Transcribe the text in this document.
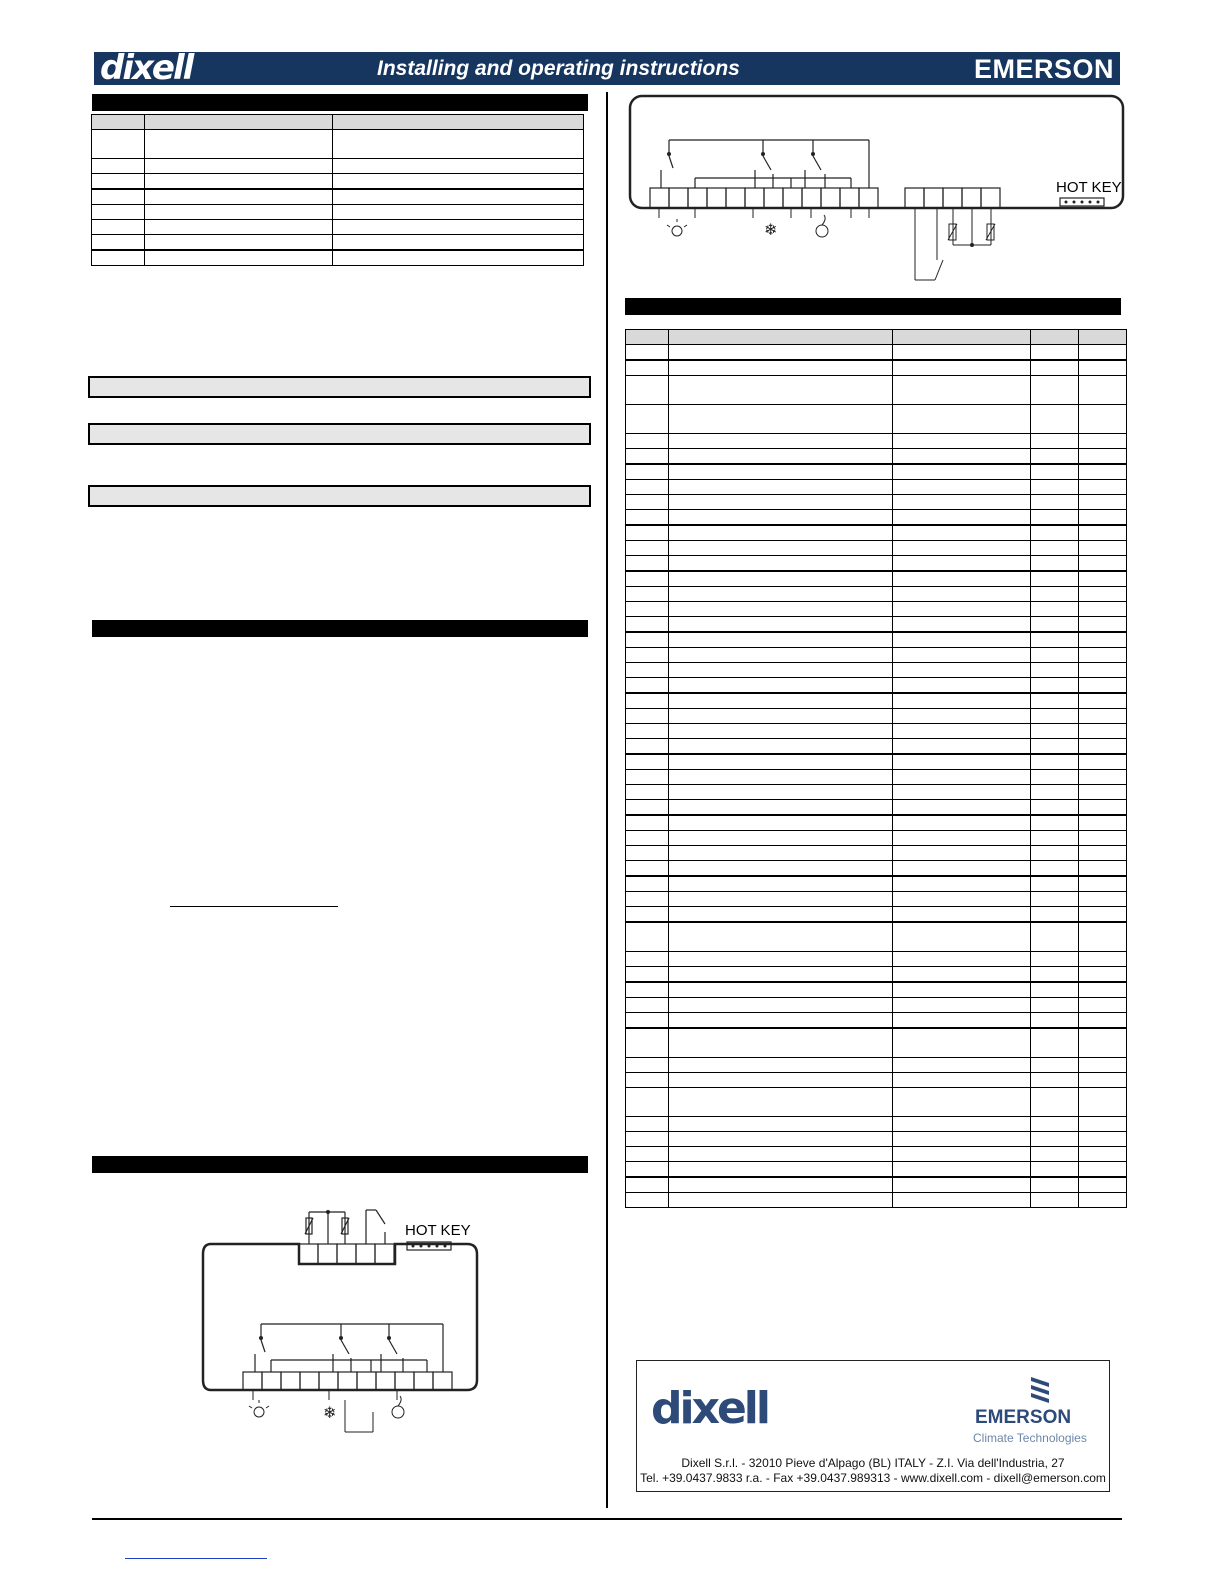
dixell	Installing and operating instructions	EMERSON

HOT KEY
❄
❄
HOT KEY

dixell	EMERSON
Climate Technologies
Dixell S.r.l. - 32010 Pieve d'Alpago (BL) ITALY - Z.I. Via dell'Industria, 27
Tel. +39.0437.9833 r.a. - Fax +39.0437.989313 - www.dixell.com - dixell@emerson.com
